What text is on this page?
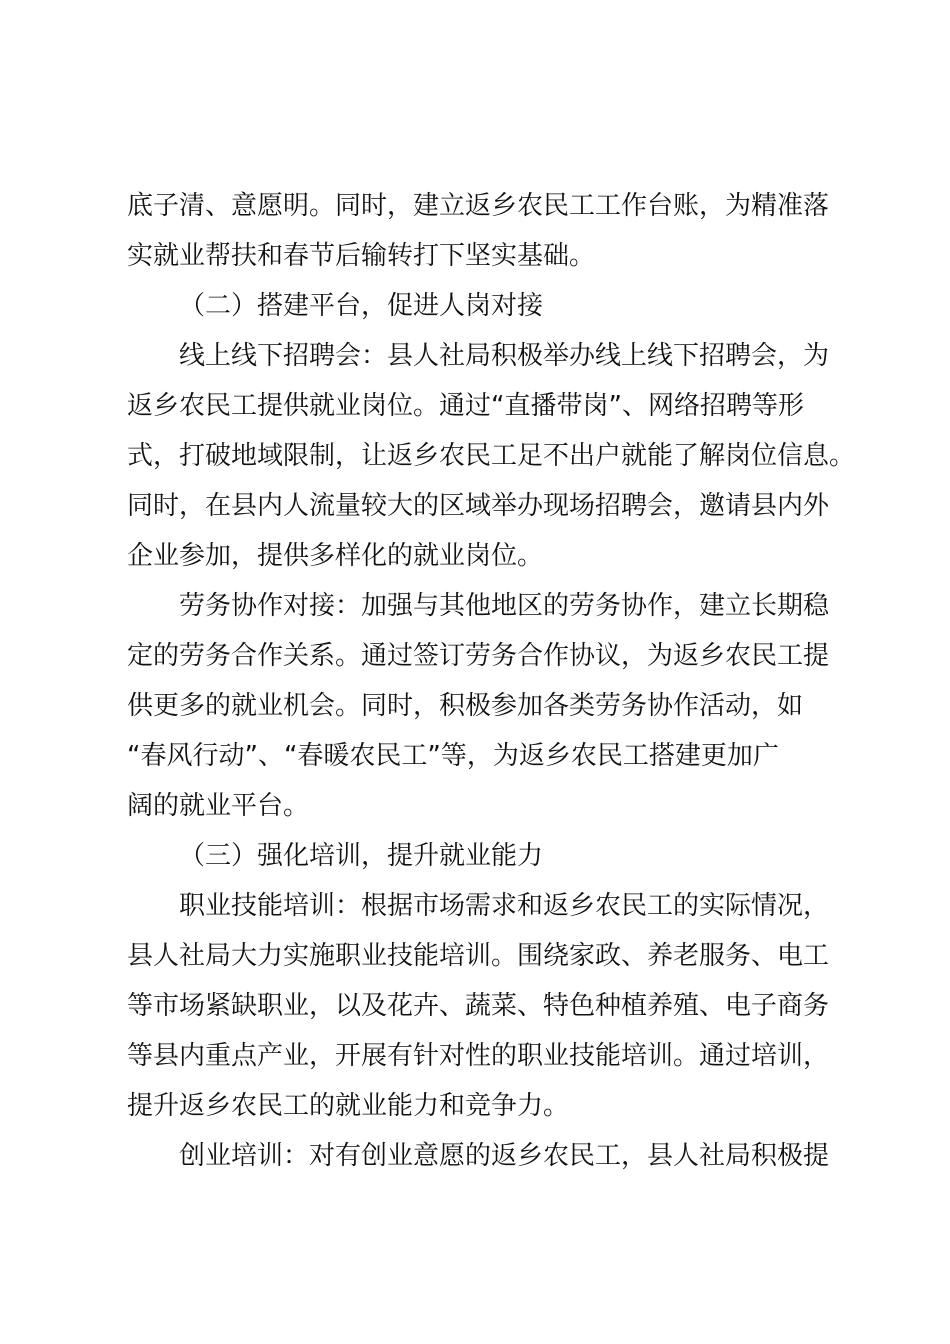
底子清、意愿明。同时，建立返乡农民工工作台账，为精准落
实就业帮扶和春节后输转打下坚实基础。
（二）搭建平台，促进人岗对接
线上线下招聘会：县人社局积极举办线上线下招聘会，为
返乡农民工提供就业岗位。通过“直播带岗”、网络招聘等形
式，打破地域限制，让返乡农民工足不出户就能了解岗位信息。
同时，在县内人流量较大的区域举办现场招聘会，邀请县内外
企业参加，提供多样化的就业岗位。
劳务协作对接：加强与其他地区的劳务协作，建立长期稳
定的劳务合作关系。通过签订劳务合作协议，为返乡农民工提
供更多的就业机会。同时，积极参加各类劳务协作活动，如
“春风行动”、“春暖农民工”等，为返乡农民工搭建更加广
阔的就业平台。
（三）强化培训，提升就业能力
职业技能培训：根据市场需求和返乡农民工的实际情况，
县人社局大力实施职业技能培训。围绕家政、养老服务、电工
等市场紧缺职业，以及花卉、蔬菜、特色种植养殖、电子商务
等县内重点产业，开展有针对性的职业技能培训。通过培训，
提升返乡农民工的就业能力和竞争力。
创业培训：对有创业意愿的返乡农民工，县人社局积极提
